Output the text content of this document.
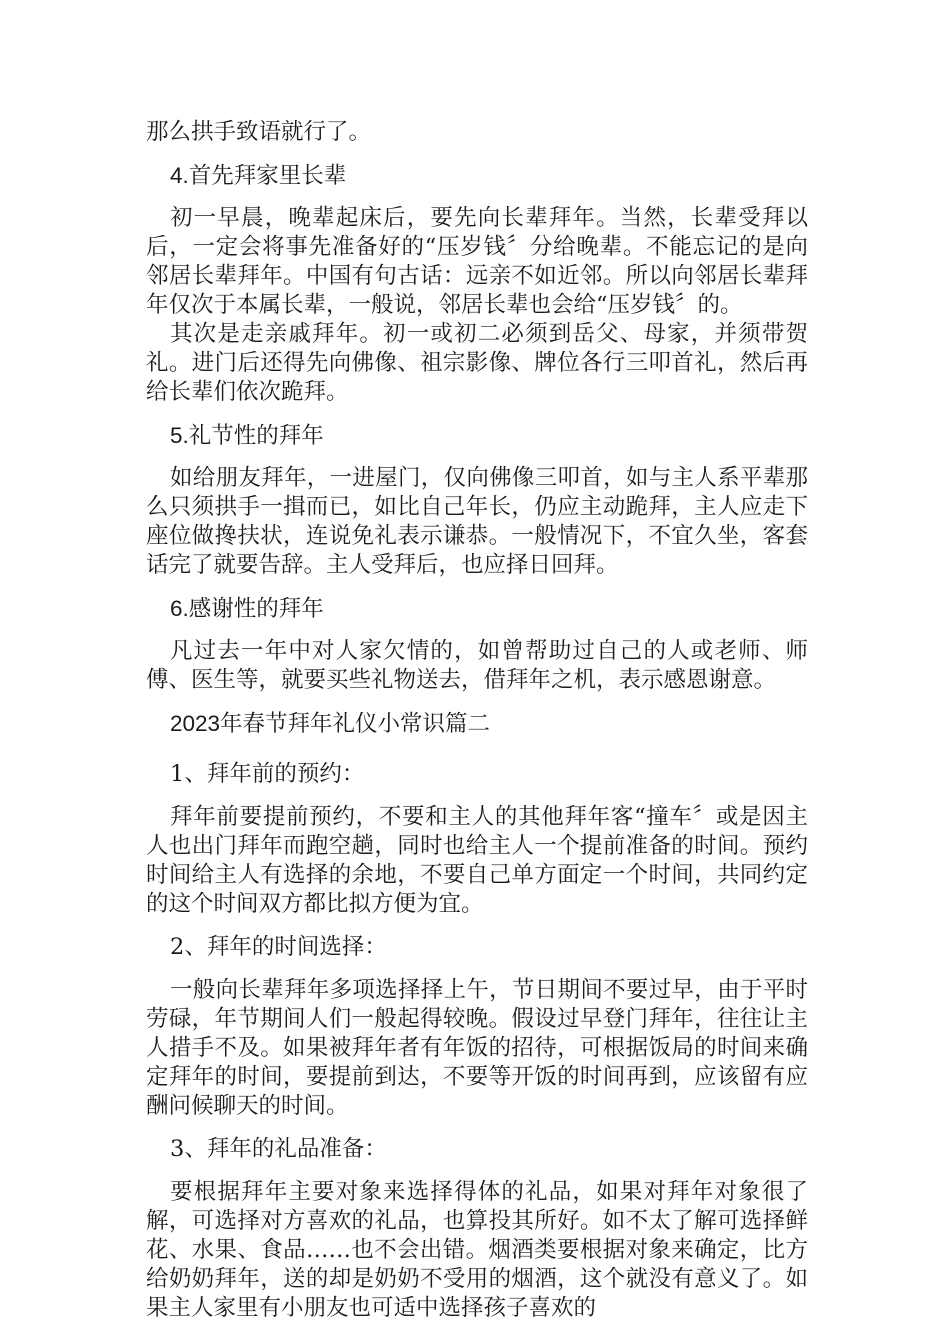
那么拱手致语就行了。

4.首先拜家里长辈

初一早晨，晚辈起床后，要先向长辈拜年。当然，长辈受拜以后，一定会将事先准备好的“压岁钱〞分给晚辈。不能忘记的是向邻居长辈拜年。中国有句古话：远亲不如近邻。所以向邻居长辈拜年仅次于本属长辈，一般说，邻居长辈也会给“压岁钱〞的。

其次是走亲戚拜年。初一或初二必须到岳父、母家，并须带贺礼。进门后还得先向佛像、祖宗影像、牌位各行三叩首礼，然后再给长辈们依次跪拜。

5.礼节性的拜年

如给朋友拜年，一进屋门，仅向佛像三叩首，如与主人系平辈那么只须拱手一揖而已，如比自己年长，仍应主动跪拜，主人应走下座位做搀扶状，连说免礼表示谦恭。一般情况下，不宜久坐，客套话完了就要告辞。主人受拜后，也应择日回拜。

6.感谢性的拜年

凡过去一年中对人家欠情的，如曾帮助过自己的人或老师、师傅、医生等，就要买些礼物送去，借拜年之机，表示感恩谢意。

2023年春节拜年礼仪小常识篇二

1、拜年前的预约：

拜年前要提前预约，不要和主人的其他拜年客“撞车〞或是因主人也出门拜年而跑空趟，同时也给主人一个提前准备的时间。预约时间给主人有选择的余地，不要自己单方面定一个时间，共同约定的这个时间双方都比拟方便为宜。

2、拜年的时间选择：

一般向长辈拜年多项选择择上午，节日期间不要过早，由于平时劳碌，年节期间人们一般起得较晚。假设过早登门拜年，往往让主人措手不及。如果被拜年者有年饭的招待，可根据饭局的时间来确定拜年的时间，要提前到达，不要等开饭的时间再到，应该留有应酬问候聊天的时间。

3、拜年的礼品准备：

要根据拜年主要对象来选择得体的礼品，如果对拜年对象很了解，可选择对方喜欢的礼品，也算投其所好。如不太了解可选择鲜花、水果、食品……也不会出错。烟酒类要根据对象来确定，比方给奶奶拜年，送的却是奶奶不受用的烟酒，这个就没有意义了。如果主人家里有小朋友也可适中选择孩子喜欢的
